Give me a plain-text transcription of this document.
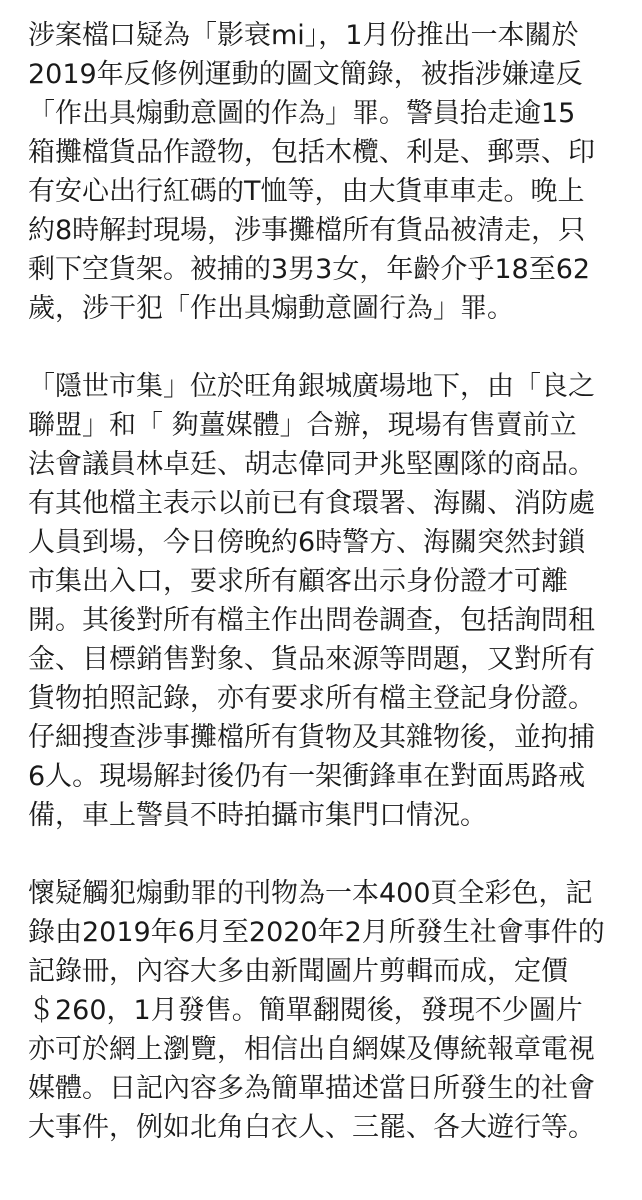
涉案檔口疑為「影衰mi」，1月份推出一本關於
2019年反修例運動的圖文簡錄，被指涉嫌違反
「作出具煽動意圖的作為」罪。警員抬走逾15
箱攤檔貨品作證物，包括木欖、利是、郵票、印
有安心出行紅碼的T恤等，由大貨車車走。晚上
約8時解封現場，涉事攤檔所有貨品被清走，只
剩下空貨架。被捕的3男3女，年齡介乎18至62
歲，涉干犯「作出具煽動意圖行為」罪。
「隱世市集」位於旺角銀城廣場地下，由「良之
聯盟」和「 夠薑媒體」合辦，現場有售賣前立
法會議員林卓廷、胡志偉同尹兆堅團隊的商品。
有其他檔主表示以前已有食環署、海關、消防處
人員到場，今日傍晚約6時警方、海關突然封鎖
市集出入口，要求所有顧客出示身份證才可離
開。其後對所有檔主作出問卷調查，包括詢問租
金、目標銷售對象、貨品來源等問題，又對所有
貨物拍照記錄，亦有要求所有檔主登記身份證。
仔細搜查涉事攤檔所有貨物及其雜物後，並拘捕
6人。現場解封後仍有一架衝鋒車在對面馬路戒
備，車上警員不時拍攝市集門口情況。
懷疑觸犯煽動罪的刊物為一本400頁全彩色，記
錄由2019年6月至2020年2月所發生社會事件的
記錄冊，內容大多由新聞圖片剪輯而成，定價
＄260，1月發售。簡單翻閱後，發現不少圖片
亦可於網上瀏覽，相信出自網媒及傳統報章電視
媒體。日記內容多為簡單描述當日所發生的社會
大事件，例如北角白衣人、三罷、各大遊行等。
